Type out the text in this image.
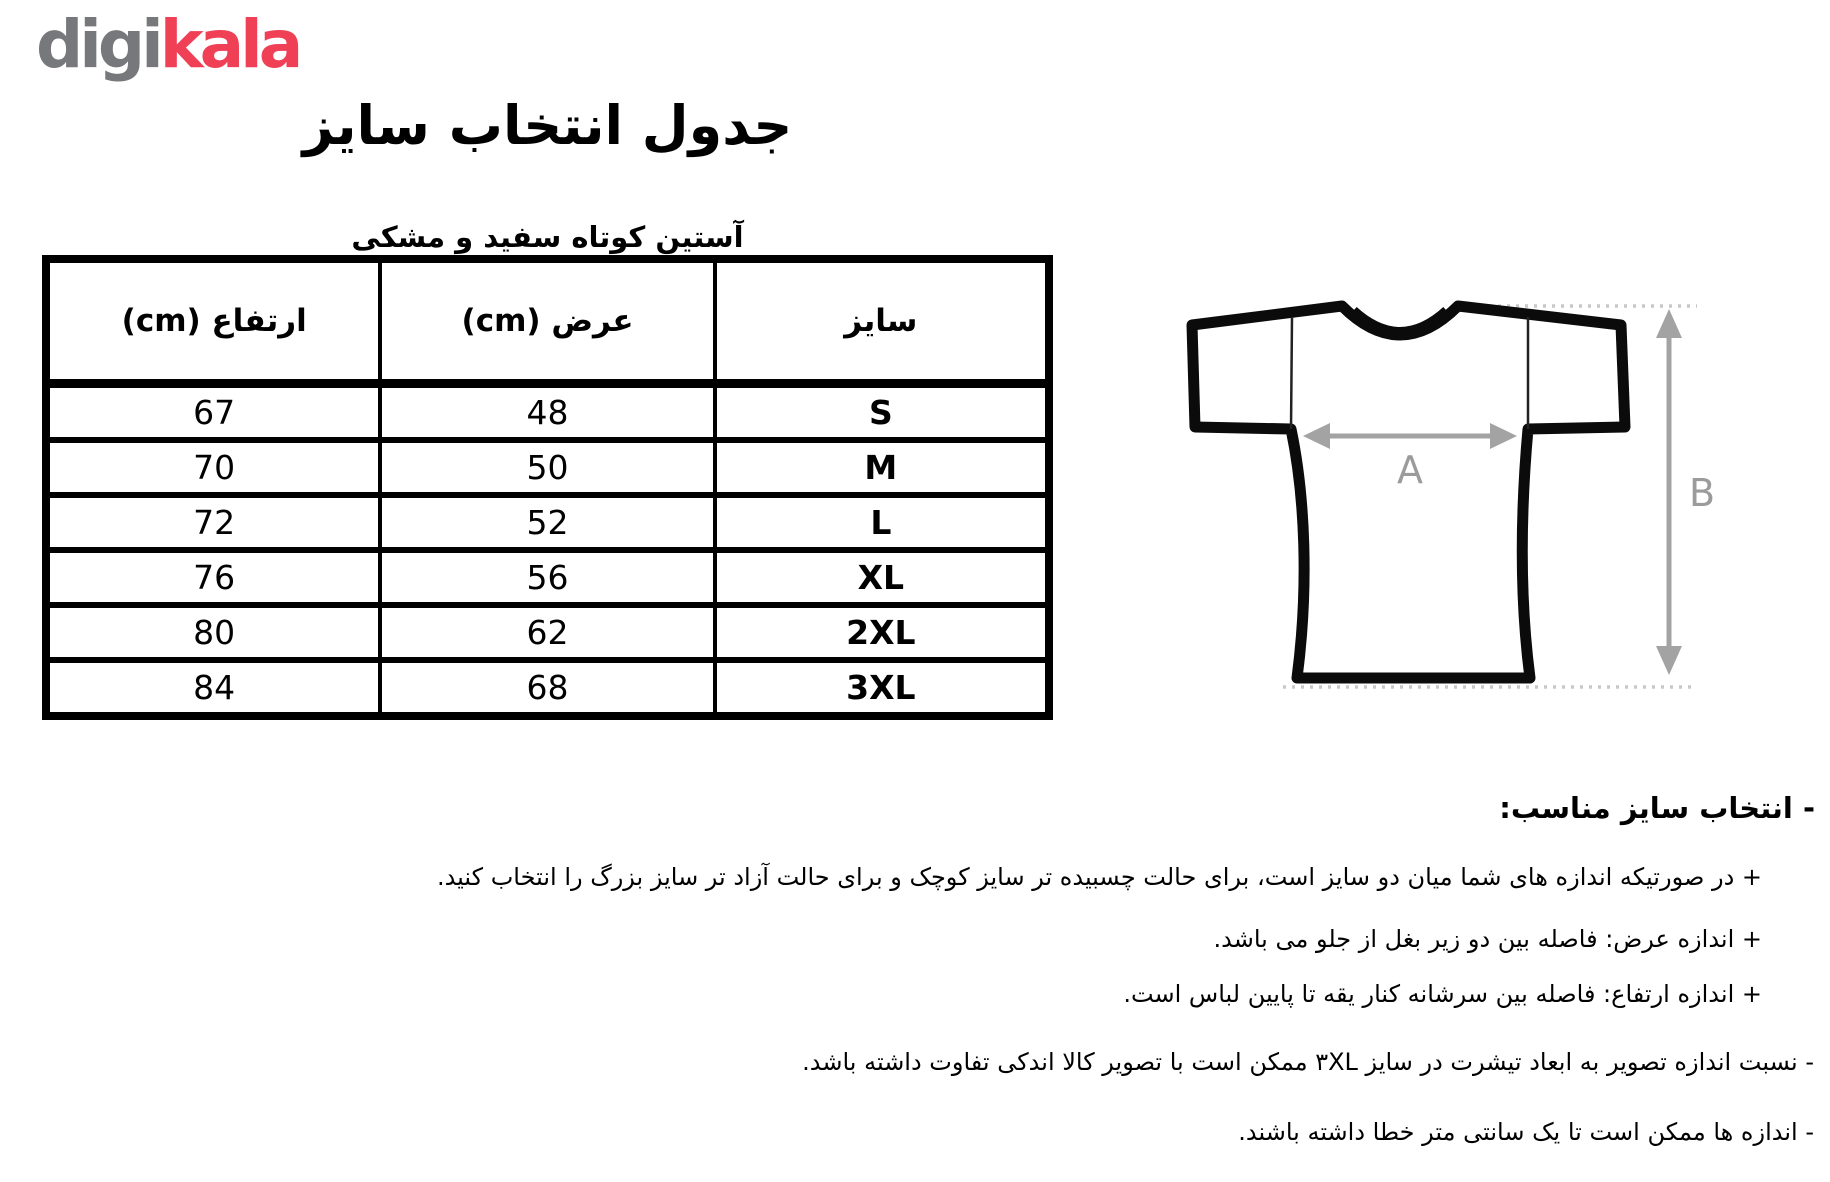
digikala
جدول انتخاب سایز
آستین کوتاه سفید و مشکی
سایز	عرض (cm)	ارتفاع (cm)
S	48	67
M	50	70
L	52	72
XL	56	76
2XL	62	80
3XL	68	84
A
B
- انتخاب سایز مناسب:
+ در صورتیکه اندازه های شما میان دو سایز است، برای حالت چسبیده تر سایز کوچک و برای حالت آزاد تر سایز بزرگ را انتخاب کنید.
+ اندازه عرض: فاصله بین دو زیر بغل از جلو می باشد.
+ اندازه ارتفاع: فاصله بین سرشانه کنار یقه تا پایین لباس است.
- نسبت اندازه تصویر به ابعاد تیشرت در سایز ‪۳XL‬ ممکن است با تصویر کالا اندکی تفاوت داشته باشد.
- اندازه ها ممکن است تا یک سانتی متر خطا داشته باشند.
